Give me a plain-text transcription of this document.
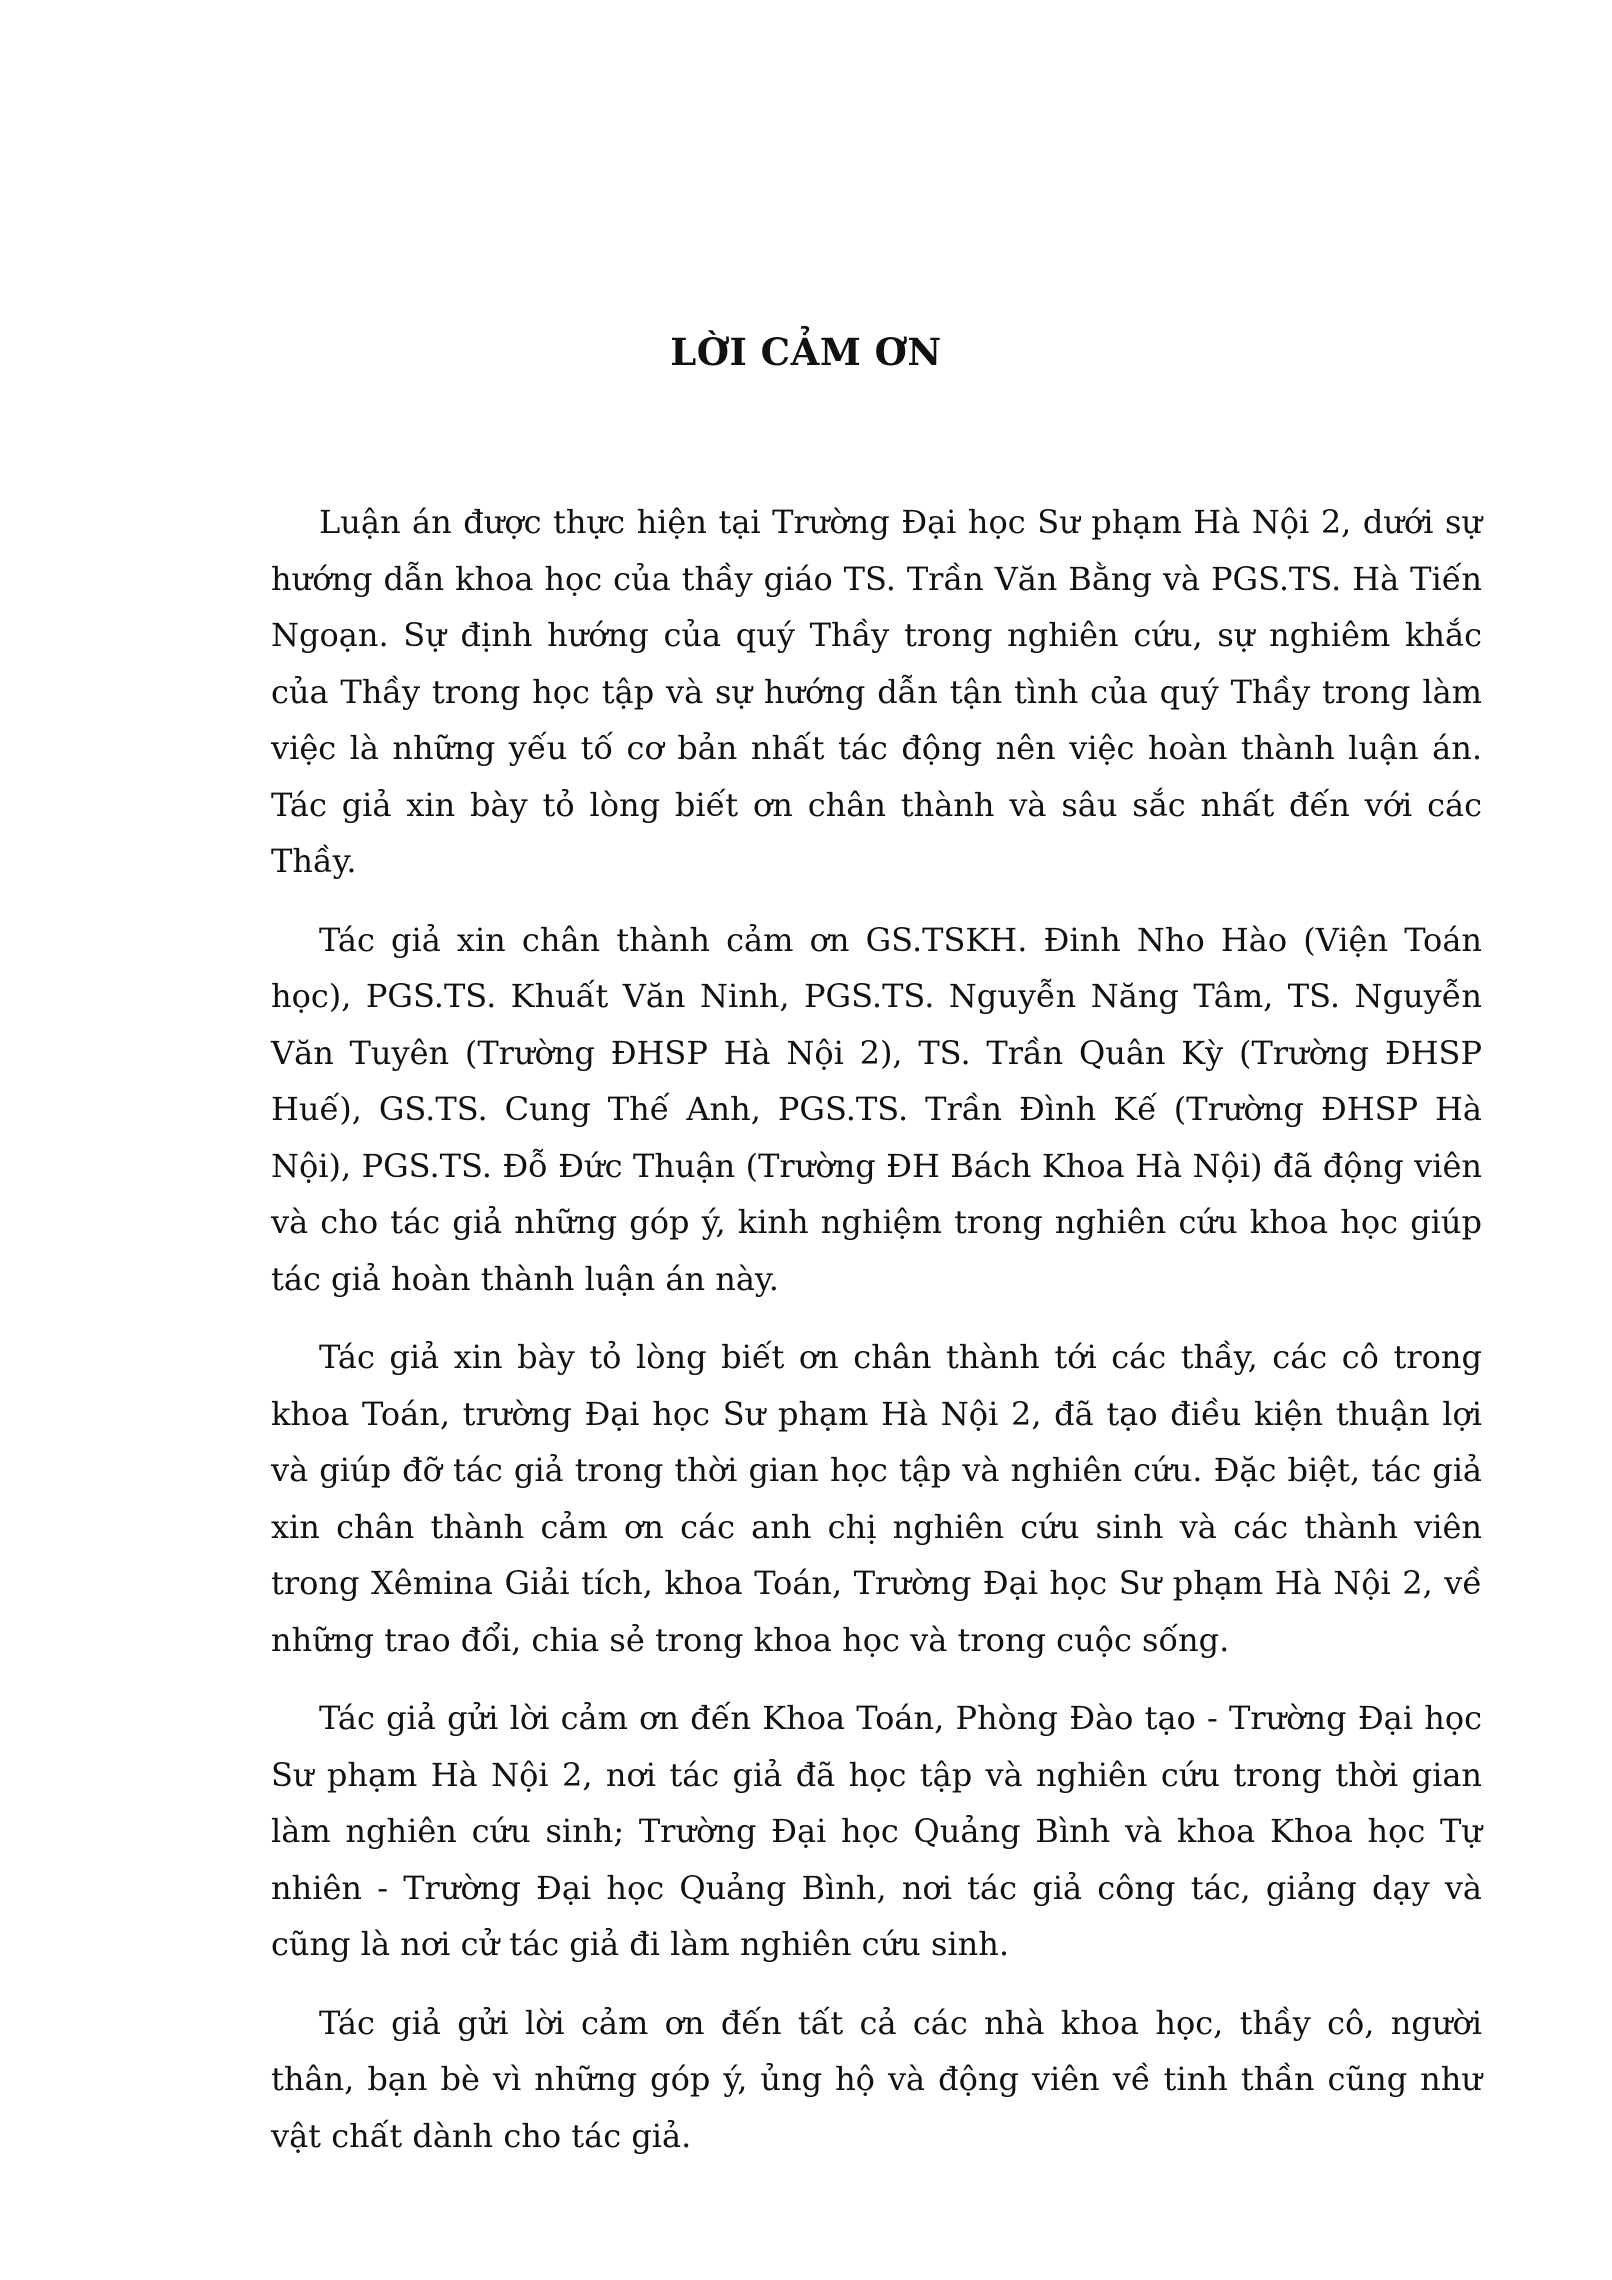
LỜI CẢM ƠN

Luận án được thực hiện tại Trường Đại học Sư phạm Hà Nội 2, dưới sự hướng dẫn khoa học của thầy giáo TS. Trần Văn Bằng và PGS.TS. Hà Tiến Ngoạn. Sự định hướng của quý Thầy trong nghiên cứu, sự nghiêm khắc của Thầy trong học tập và sự hướng dẫn tận tình của quý Thầy trong làm việc là những yếu tố cơ bản nhất tác động nên việc hoàn thành luận án. Tác giả xin bày tỏ lòng biết ơn chân thành và sâu sắc nhất đến với các Thầy.

Tác giả xin chân thành cảm ơn GS.TSKH. Đinh Nho Hào (Viện Toán học), PGS.TS. Khuất Văn Ninh, PGS.TS. Nguyễn Năng Tâm, TS. Nguyễn Văn Tuyên (Trường ĐHSP Hà Nội 2), TS. Trần Quân Kỳ (Trường ĐHSP Huế), GS.TS. Cung Thế Anh, PGS.TS. Trần Đình Kế (Trường ĐHSP Hà Nội), PGS.TS. Đỗ Đức Thuận (Trường ĐH Bách Khoa Hà Nội) đã động viên và cho tác giả những góp ý, kinh nghiệm trong nghiên cứu khoa học giúp tác giả hoàn thành luận án này.

Tác giả xin bày tỏ lòng biết ơn chân thành tới các thầy, các cô trong khoa Toán, trường Đại học Sư phạm Hà Nội 2, đã tạo điều kiện thuận lợi và giúp đỡ tác giả trong thời gian học tập và nghiên cứu. Đặc biệt, tác giả xin chân thành cảm ơn các anh chị nghiên cứu sinh và các thành viên trong Xêmina Giải tích, khoa Toán, Trường Đại học Sư phạm Hà Nội 2, về những trao đổi, chia sẻ trong khoa học và trong cuộc sống.

Tác giả gửi lời cảm ơn đến Khoa Toán, Phòng Đào tạo - Trường Đại học Sư phạm Hà Nội 2, nơi tác giả đã học tập và nghiên cứu trong thời gian làm nghiên cứu sinh; Trường Đại học Quảng Bình và khoa Khoa học Tự nhiên - Trường Đại học Quảng Bình, nơi tác giả công tác, giảng dạy và cũng là nơi cử tác giả đi làm nghiên cứu sinh.

Tác giả gửi lời cảm ơn đến tất cả các nhà khoa học, thầy cô, người thân, bạn bè vì những góp ý, ủng hộ và động viên về tinh thần cũng như vật chất dành cho tác giả.
